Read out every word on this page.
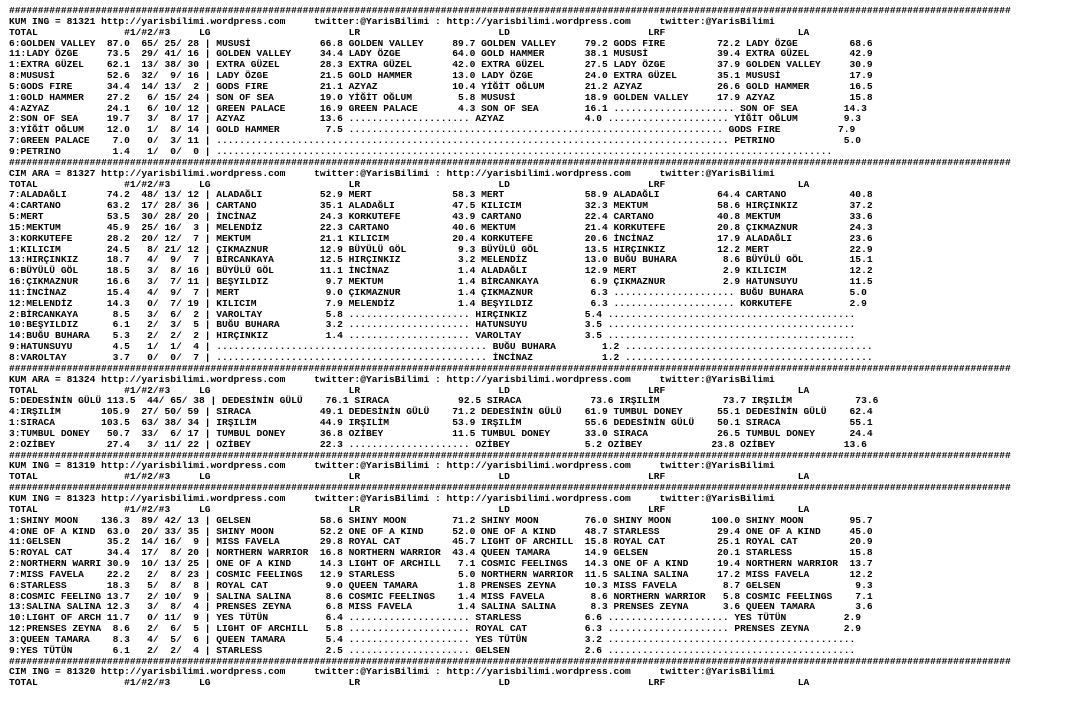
##############################################################################################################################################################################
KUM ING = 81321 http://yarisbilimi.wordpress.com     twitter:@YarisBilimi : http://yarisbilimi.wordpress.com     twitter:@YarisBilimi
TOTAL               #1/#2/#3     LG                        LR                        LD                        LRF                       LA
6:GOLDEN VALLEY  87.0  65/ 25/ 28 | MUSUSİ            66.8 GOLDEN VALLEY     89.7 GOLDEN VALLEY     79.2 GODS FIRE         72.2 LADY ÖZGE         68.6
11:LADY ÖZGE     73.5  29/ 41/ 16 | GOLDEN VALLEY     34.4 LADY ÖZGE         64.0 GOLD HAMMER       38.1 MUSUSİ            39.4 EXTRA GÜZEL       42.9
1:EXTRA GÜZEL    62.1  13/ 38/ 30 | EXTRA GÜZEL       28.3 EXTRA GÜZEL       42.0 EXTRA GÜZEL       27.5 LADY ÖZGE         37.9 GOLDEN VALLEY     30.9
8:MUSUSİ         52.6  32/  9/ 16 | LADY ÖZGE         21.5 GOLD HAMMER       13.0 LADY ÖZGE         24.0 EXTRA GÜZEL       35.1 MUSUSİ            17.9
5:GODS FIRE      34.4  14/ 13/  2 | GODS FIRE         21.1 AZYAZ             10.4 YİĞİT OĞLUM       21.2 AZYAZ             26.6 GOLD HAMMER       16.5
1:GOLD HAMMER    27.2   6/ 15/ 24 | SON OF SEA        19.0 YİĞİT OĞLUM        5.8 MUSUSİ            18.9 GOLDEN VALLEY     17.9 AZYAZ             15.8
4:AZYAZ          24.1   6/ 10/ 12 | GREEN PALACE      16.9 GREEN PALACE       4.3 SON OF SEA        16.1 ..................... SON OF SEA        14.3
2:SON OF SEA     19.7   3/  8/ 17 | AZYAZ             13.6 ..................... AZYAZ              4.0 ..................... YİĞİT OĞLUM        9.3
3:YİĞİT OĞLUM    12.0   1/  8/ 14 | GOLD HAMMER        7.5 ................................................................. GODS FIRE          7.9
7:GREEN PALACE    7.0   0/  3/ 11 | ......................................................................................... PETRINO            5.0
9:PETRINO         1.4   1/  0/  0 | ...........................................................................................................
##############################################################################################################################################################################
CIM ARA = 81327 http://yarisbilimi.wordpress.com     twitter:@YarisBilimi : http://yarisbilimi.wordpress.com     twitter:@YarisBilimi
TOTAL               #1/#2/#3     LG                        LR                        LD                        LRF                       LA
7:ALADAĞLI       74.2  48/ 13/ 12 | ALADAĞLI          52.9 MERT              58.3 MERT              58.9 ALADAĞLI          64.4 CARTANO           40.8
4:CARTANO        63.2  17/ 28/ 36 | CARTANO           35.1 ALADAĞLI          47.5 KILICIM           32.3 MEKTUM            58.6 HIRÇINKIZ         37.2
5:MERT           53.5  30/ 28/ 20 | İNCİNAZ           24.3 KORKUTEFE         43.9 CARTANO           22.4 CARTANO           40.8 MEKTUM            33.6
15:MEKTUM        45.9  25/ 16/  3 | MELENDİZ          22.3 CARTANO           40.6 MEKTUM            21.4 KORKUTEFE         20.8 ÇIKMAZNUR         24.3
3:KORKUTEFE      28.2  20/ 12/  7 | MEKTUM            21.1 KILICIM           20.4 KORKUTEFE         20.6 İNCİNAZ           17.9 ALADAĞLI          23.6
1:KILICIM        24.5   8/ 21/ 12 | ÇIKMAZNUR         12.9 BÜYÜLÜ GÖL         9.3 BÜYÜLÜ GÖL        13.5 HIRÇINKIZ         12.2 MERT              22.9
13:HIRÇINKIZ     18.7   4/  9/  7 | BİRCANKAYA        12.5 HIRÇINKIZ          3.2 MELENDİZ          13.0 BUĞU BUHARA        8.6 BÜYÜLÜ GÖL        15.1
6:BÜYÜLÜ GÖL     18.5   3/  8/ 16 | BÜYÜLÜ GÖL        11.1 İNCİNAZ            1.4 ALADAĞLI          12.9 MERT               2.9 KILICIM           12.2
16:ÇIKMAZNUR     16.6   3/  7/ 11 | BEŞYILDIZ          9.7 MEKTUM             1.4 BİRCANKAYA         6.9 ÇIKMAZNUR          2.9 HATUNSUYU         11.5
11:İNCİNAZ       15.4   4/  9/  7 | MERT               9.0 ÇIKMAZNUR          1.4 ÇIKMAZNUR          6.3 ..................... BUĞU BUHARA        5.0
12:MELENDİZ      14.3   0/  7/ 19 | KILICIM            7.9 MELENDİZ           1.4 BEŞYILDIZ          6.3 ..................... KORKUTEFE          2.9
2:BİRCANKAYA      8.5   3/  6/  2 | VAROLTAY           5.8 ..................... HIRÇINKIZ          5.4 ...........................................
10:BEŞYILDIZ      6.1   2/  3/  5 | BUĞU BUHARA        3.2 ..................... HATUNSUYU          3.5 ...........................................
14:BUĞU BUHARA    5.3   2/  2/  2 | HIRÇINKIZ          1.4 ..................... VAROLTAY           3.5 ...........................................
9:HATUNSUYU       4.5   1/  1/  4 | ............................................... BUĞU BUHARA        1.2 ...........................................
8:VAROLTAY        3.7   0/  0/  7 | ............................................... İNCİNAZ            1.2 ...........................................
##############################################################################################################################################################################
KUM ARA = 81324 http://yarisbilimi.wordpress.com     twitter:@YarisBilimi : http://yarisbilimi.wordpress.com     twitter:@YarisBilimi
TOTAL               #1/#2/#3     LG                        LR                        LD                        LRF                       LA
5:DEDESİNİN GÜLÜ 113.5  44/ 65/ 38 | DEDESİNİN GÜLÜ    76.1 SIRACA            92.5 SIRACA            73.6 IRŞILİM           73.7 IRŞILİM           73.6
4:IRŞILİM       105.9  27/ 50/ 59 | SIRACA            49.1 DEDESİNİN GÜLÜ    71.2 DEDESİNİN GÜLÜ    61.9 TUMBUL DONEY      55.1 DEDESİNİN GÜLÜ    62.4
1:SIRACA        103.5  63/ 38/ 34 | IRŞILİM           44.9 IRŞILİM           53.9 IRŞILİM           55.6 DEDESİNİN GÜLÜ    50.1 SIRACA            55.1
3:TUMBUL DONEY   50.7  33/  6/ 17 | TUMBUL DONEY      36.8 OZİBEY            11.5 TUMBUL DONEY      33.0 SIRACA            26.5 TUMBUL DONEY      24.4
2:OZİBEY         27.4   3/ 11/ 22 | OZİBEY            22.3 ..................... OZİBEY             5.2 OZİBEY            23.8 OZİBEY            13.6
##############################################################################################################################################################################
KUM ING = 81319 http://yarisbilimi.wordpress.com     twitter:@YarisBilimi : http://yarisbilimi.wordpress.com     twitter:@YarisBilimi
TOTAL               #1/#2/#3     LG                        LR                        LD                        LRF                       LA
##############################################################################################################################################################################
KUM ING = 81323 http://yarisbilimi.wordpress.com     twitter:@YarisBilimi : http://yarisbilimi.wordpress.com     twitter:@YarisBilimi
TOTAL               #1/#2/#3     LG                        LR                        LD                        LRF                       LA
1:SHINY MOON    136.3  89/ 42/ 13 | GELSEN            58.6 SHINY MOON        71.2 SHINY MOON        76.0 SHINY MOON       100.0 SHINY MOON        95.7
4:ONE OF A KIND  63.0  20/ 33/ 35 | SHINY MOON        52.2 ONE OF A KIND     52.0 ONE OF A KIND     48.7 STARLESS          29.4 ONE OF A KIND     45.0
11:GELSEN        35.2  14/ 16/  9 | MISS FAVELA       29.8 ROYAL CAT         45.7 LIGHT OF ARCHILL  15.8 ROYAL CAT         25.1 ROYAL CAT         20.9
5:ROYAL CAT      34.4  17/  8/ 20 | NORTHERN WARRIOR  16.8 NORTHERN WARRIOR  43.4 QUEEN TAMARA      14.9 GELSEN            20.1 STARLESS          15.8
2:NORTHERN WARRI 30.9  10/ 13/ 25 | ONE OF A KIND     14.3 LIGHT OF ARCHILL   7.1 COSMIC FEELINGS   14.3 ONE OF A KIND     19.4 NORTHERN WARRIOR  13.7
7:MISS FAVELA    22.2   2/  8/ 23 | COSMIC FEELINGS   12.9 STARLESS           5.0 NORTHERN WARRIOR  11.5 SALINA SALINA     17.2 MISS FAVELA       12.2
6:STARLESS       18.3   5/  8/  8 | ROYAL CAT          9.0 QUEEN TAMARA       1.8 PRENSES ZEYNA     10.3 MISS FAVELA        8.7 GELSEN             9.3
8:COSMIC FEELING 13.7   2/ 10/  9 | SALINA SALINA      8.6 COSMIC FEELINGS    1.4 MISS FAVELA        8.6 NORTHERN WARRIOR   5.8 COSMIC FEELINGS    7.1
13:SALINA SALINA 12.3   3/  8/  4 | PRENSES ZEYNA      6.8 MISS FAVELA        1.4 SALINA SALINA      8.3 PRENSES ZEYNA      3.6 QUEEN TAMARA       3.6
10:LIGHT OF ARCH 11.7   0/ 11/  9 | YES TÜTÜN          6.4 ..................... STARLESS           6.6 ..................... YES TÜTÜN          2.9
12:PRENSES ZEYNA  8.6   2/  6/  5 | LIGHT OF ARCHILL   5.8 ..................... ROYAL CAT          6.3 ..................... PRENSES ZEYNA      2.9
3:QUEEN TAMARA    8.3   4/  5/  6 | QUEEN TAMARA       5.4 ..................... YES TÜTÜN          3.2 ...........................................
9:YES TÜTÜN       6.1   2/  2/  4 | STARLESS           2.5 ..................... GELSEN             2.6 ...........................................
##############################################################################################################################################################################
CIM ING = 81320 http://yarisbilimi.wordpress.com     twitter:@YarisBilimi : http://yarisbilimi.wordpress.com     twitter:@YarisBilimi
TOTAL               #1/#2/#3     LG                        LR                        LD                        LRF                       LA
